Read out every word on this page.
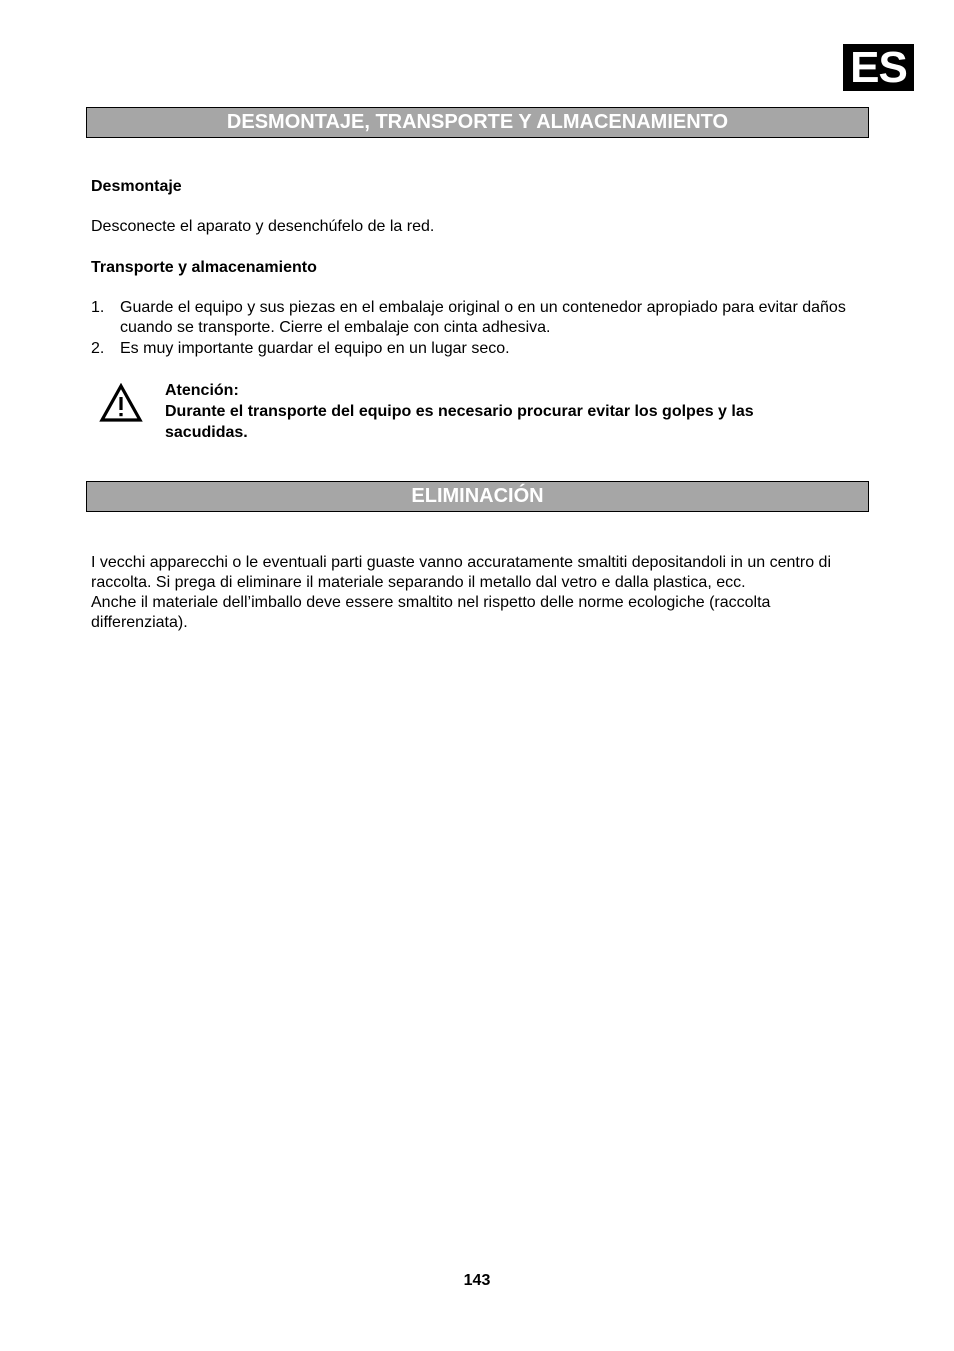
ES
DESMONTAJE, TRANSPORTE Y ALMACENAMIENTO
Desmontaje
Desconecte el aparato y desenchúfelo de la red.
Transporte y almacenamiento
1. Guarde el equipo y sus piezas en el embalaje original o en un contenedor apropiado para evitar daños cuando se transporte. Cierre el embalaje con cinta adhesiva.
2. Es muy importante guardar el equipo en un lugar seco.
Atención:
Durante el transporte del equipo es necesario procurar evitar los golpes y las sacudidas.
ELIMINACIÓN
I vecchi apparecchi o le eventuali parti guaste vanno accuratamente smaltiti depositandoli in un centro di raccolta. Si prega di eliminare il materiale separando il metallo dal vetro e dalla plastica, ecc.
Anche il materiale dell’imballo deve essere smaltito nel rispetto delle norme ecologiche (raccolta differenziata).
143
